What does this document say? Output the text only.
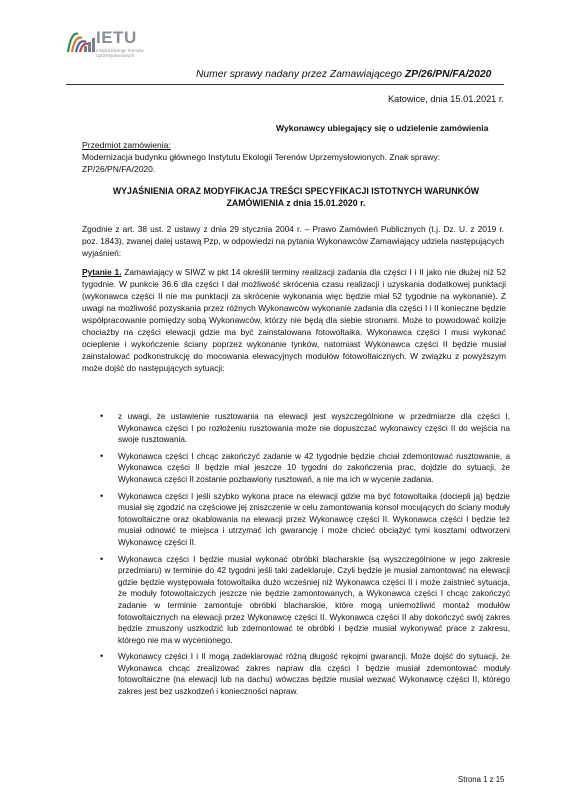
IETU
Instytut Ekologii Terenów Uprzemysłowionych
Numer sprawy nadany przez Zamawiającego ZP/26/PN/FA/2020
Katowice, dnia 15.01.2021 r.
Wykonawcy ubiegający się o udzielenie zamówienia
Przedmiot zamówienia:
Modernizacja budynku głównego Instytutu Ekologii Terenów Uprzemysłowionych. Znak sprawy: ZP/26/PN/FA/2020.
WYJAŚNIENIA ORAZ MODYFIKACJA TREŚCI SPECYFIKACJI ISTOTNYCH WARUNKÓW ZAMÓWIENIA z dnia 15.01.2020 r.
Zgodnie z art. 38 ust. 2 ustawy z dnia 29 stycznia 2004 r. – Prawo Zamówień Publicznych (t.j. Dz. U. z 2019 r. poz. 1843), zwanej dalej ustawą Pzp, w odpowiedzi na pytania Wykonawców Zamawiający udziela następujących wyjaśnień:
Pytanie 1. Zamawiający w SIWZ w pkt 14 określił terminy realizacji zadania dla części I i II jako nie dłużej niż 52 tygodnie. W punkcie 36.6 dla części I dał możliwość skrócenia czasu realizacji i uzyskania dodatkowej punktacji (wykonawca części II nie ma punktacji za skrócenie wykonania więc będzie miał 52 tygodnie na wykonanie). Z uwagi na możliwość pozyskania przez różnych Wykonawców wykonanie zadania dla części I i II konieczne będzie współpracowanie pomiędzy sobą Wykonawców, którzy nie będą dla siebie stronami. Może to powodować kolizje chociażby na części elewacji gdzie ma być zainstalowana fotowoltaika. Wykonawca części I musi wykonać ocieplenie i wykończenie ściany poprzez wykonanie tynków, natomiast Wykonawca części II będzie musiał zainstalować podkonstrukcję do mocowania elewacyjnych modułów fotowoltaicznych. W związku z powyższym może dojść do następujących sytuacji:
• z uwagi, że ustawienie rusztowania na elewacji jest wyszczególnione w przedmiarze dla części I, Wykonawca części I po rozłożeniu rusztowania może nie dopuszczać wykonawcy części II do wejścia na swoje rusztowania.
• Wykonawca części I chcąc zakończyć zadanie w 42 tygodnie będzie chciał zdemontować rusztowanie, a Wykonawca części II będzie miał jeszcze 10 tygodni do zakończenia prac, dojdzie do sytuacji, że Wykonawca części II zostanie pozbawiony rusztowań, a nie ma ich w wycenie zadania.
• Wykonawca części I jeśli szybko wykona prace na elewacji gdzie ma być fotowoltaika (dociepli ją) będzie musiał się zgodzić na częściowe jej zniszczenie w celu zamontowania konsol mocujących do ściany moduły fotowoltaiczne oraz okablowania na elewacji przez Wykonawcę części II. Wykonawca części I będzie też musiał odnowić te miejsca i utrzymać ich gwarancję i może chcieć obciążyć tymi kosztami odtworzeni Wykonawcę części II.
• Wykonawca części I będzie musiał wykonać obróbki blacharskie (są wyszczególnione w jego zakresie przedmiaru) w terminie do 42 tygodni jeśli taki zadeklaruje. Czyli będzie je musiał zamontować na elewacji gdzie będzie występowała fotowoltaika dużo wcześniej niż Wykonawca części II i może zaistnieć sytuacja, że moduły fotowoltaiczych jeszcze nie będzie zamontowanych, a Wykonawca części I chcąc zakończyć zadanie w terminie zamontuje obróbki blacharskie, które mogą uniemożliwić montaż modułów fotowoltaicznych na elewacji przez Wykonawcę części II. Wykonawca części II aby dokończyć swój zakres będzie zmuszony uszkodzić lub zdemontować te obróbki i będzie musiał wykonywać prace z zakresu, którego nie ma w wycenionego.
• Wykonawcy części I i II mogą zadeklarować różną długość rękojmi gwarancji. Może dojść do sytuacji, że Wykonawca chcąc zrealizować zakres napraw dla części I będzie musiał zdemontować moduły fotowoltaiczne (na elewacji lub na dachu) wówczas będzie musiał wezwać Wykonawcę części II, którego zakres jest bez uszkodzeń i konieczności napraw.
Strona 1 z 15
